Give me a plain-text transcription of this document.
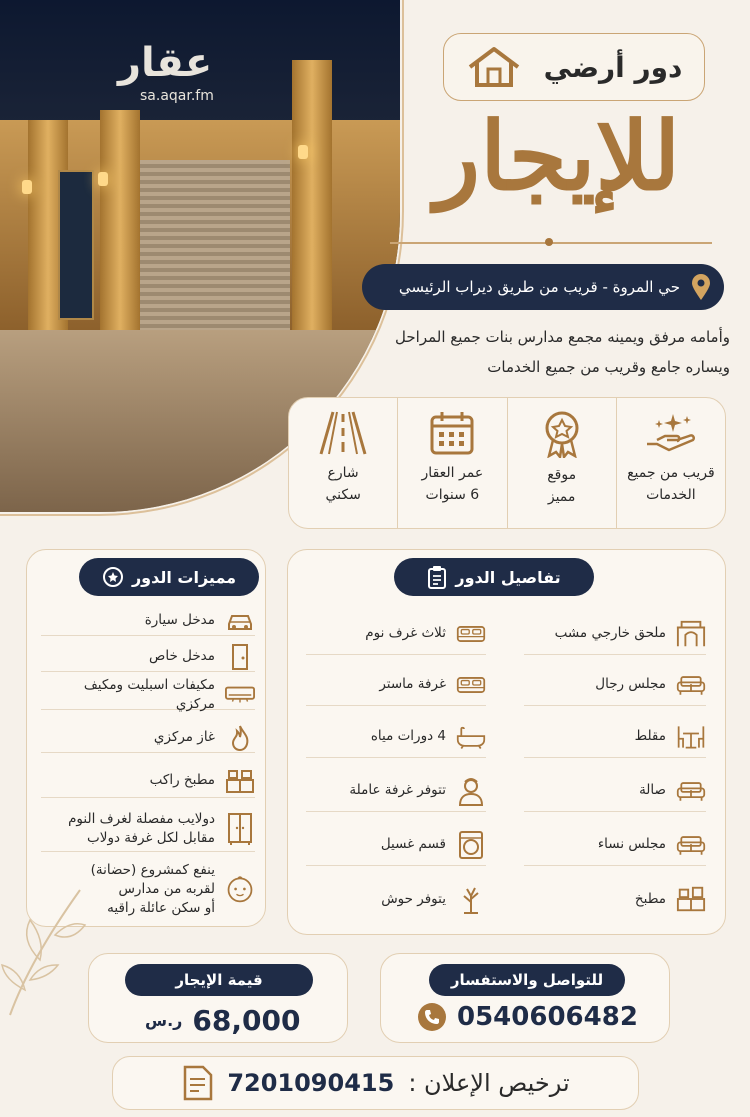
عقار
sa.aqar.fm
دور أرضي
للإيجار
حي المروة - قريب من طريق ديراب الرئيسي
وأمامه مرفق ويمينه مجمع مدارس بنات جميع المراحل
ويساره جامع وقريب من جميع الخدمات
شارع
سكني
عمر العقار
6 سنوات
موقع
مميز
قريب من جميع
الخدمات
مميزات الدور
مدخل سيارة
مدخل خاص
مكيفات اسبليت ومكيف مركزي
غاز مركزي
مطبخ راكب
دولايب مفصلة لغرف النوم
مقابل لكل غرفة دولاب
ينفع كمشروع (حضانة)
لقربه من مدارس
أو سكن عائلة راقيه
تفاصيل الدور
ثلاث غرف نوم
غرفة ماستر
4 دورات مياه
تتوفر غرفة عاملة
قسم غسيل
يتوفر حوش
ملحق خارجي مشب
مجلس رجال
مقلط
صالة
مجلس نساء
مطبخ
قيمة الإيجار
ر.س 68,000
للتواصل والاستفسار
0540606482
7201090415 ترخيص الإعلان :
